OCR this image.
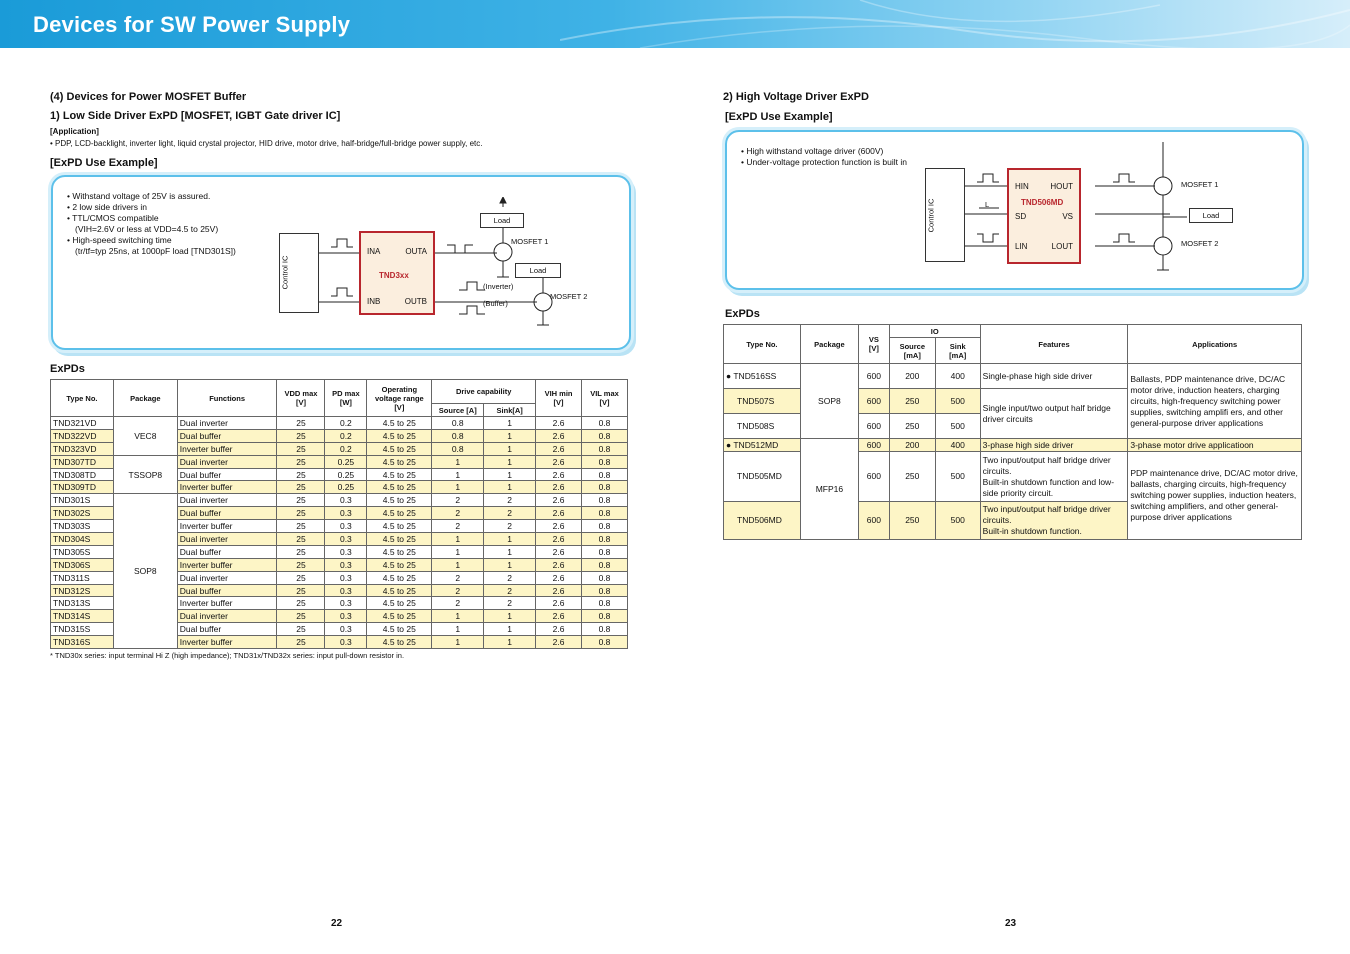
Devices for SW Power Supply
(4) Devices for Power MOSFET Buffer
1) Low Side Driver ExPD [MOSFET, IGBT Gate driver IC]
[Application]
• PDP, LCD-backlight, inverter light, liquid crystal projector, HID drive, motor drive, half-bridge/full-bridge power supply, etc.
[ExPD Use Example]
• Withstand voltage of 25V is assured.
• 2 low side drivers in
• TTL/CMOS compatible
(VIH=2.6V or less at VDD=4.5 to 25V)
• High-speed switching time
(tr/tf=typ 25ns, at 1000pF load [TND301S])
Control IC
INA	OUTA
TND3xx
INB	OUTB
Load
Load
MOSFET 1
MOSFET 2
(Inverter)
(Buffer)
ExPDs
Type No.	Package	Functions	VDD max
[V]	PD max
[W]	Operating
voltage range
[V]	Drive capability		VIH min
[V]	VIL max
[V]
						Source [A]	Sink[A]		
TND321VD	VEC8	Dual inverter	25	0.2	4.5 to 25	0.8	1	2.6	0.8
TND322VD		Dual buffer	25	0.2	4.5 to 25	0.8	1	2.6	0.8
TND323VD		Inverter buffer	25	0.2	4.5 to 25	0.8	1	2.6	0.8
TND307TD	TSSOP8	Dual inverter	25	0.25	4.5 to 25	1	1	2.6	0.8
TND308TD		Dual buffer	25	0.25	4.5 to 25	1	1	2.6	0.8
TND309TD		Inverter buffer	25	0.25	4.5 to 25	1	1	2.6	0.8
TND301S	SOP8	Dual inverter	25	0.3	4.5 to 25	2	2	2.6	0.8
TND302S		Dual buffer	25	0.3	4.5 to 25	2	2	2.6	0.8
TND303S		Inverter buffer	25	0.3	4.5 to 25	2	2	2.6	0.8
TND304S		Dual inverter	25	0.3	4.5 to 25	1	1	2.6	0.8
TND305S		Dual buffer	25	0.3	4.5 to 25	1	1	2.6	0.8
TND306S		Inverter buffer	25	0.3	4.5 to 25	1	1	2.6	0.8
TND311S		Dual inverter	25	0.3	4.5 to 25	2	2	2.6	0.8
TND312S		Dual buffer	25	0.3	4.5 to 25	2	2	2.6	0.8
TND313S		Inverter buffer	25	0.3	4.5 to 25	2	2	2.6	0.8
TND314S		Dual inverter	25	0.3	4.5 to 25	1	1	2.6	0.8
TND315S		Dual buffer	25	0.3	4.5 to 25	1	1	2.6	0.8
TND316S		Inverter buffer	25	0.3	4.5 to 25	1	1	2.6	0.8
* TND30x series: input terminal Hi Z (high impedance); TND31x/TND32x series: input pull-down resistor in.
22
2) High Voltage Driver ExPD
[ExPD Use Example]
• High withstand voltage driver (600V)
• Under-voltage protection function is built in
Control IC
HIN	HOUT
TND506MD
SD	VS
LIN	LOUT
L
Load
MOSFET 1
MOSFET 2
ExPDs
Type No.	Package	VS
[V]	IO		Features	Applications
			Source
[mA]	Sink
[mA]		
● TND516SS	SOP8	600	200	400	Single-phase high side driver	Ballasts, PDP maintenance drive, DC/AC motor drive, induction heaters, charging circuits, high-frequency switching power supplies, switching amplifi ers, and other general-purpose driver applications
TND507S		600	250	500	Single input/two output half bridge driver circuits	
TND508S		600	250	500		
● TND512MD	MFP16	600	200	400	3-phase high side driver	3-phase motor drive applicatioon
TND505MD		600	250	500	Two input/output half bridge driver circuits.
Built-in shutdown function and low-side priority circuit.	PDP maintenance drive, DC/AC motor drive, ballasts, charging circuits, high-frequency switching power supplies, induction heaters, switching amplifiers, and other general-purpose driver applications
TND506MD		600	250	500	Two input/output half bridge driver circuits.
Built-in shutdown function.	
23
